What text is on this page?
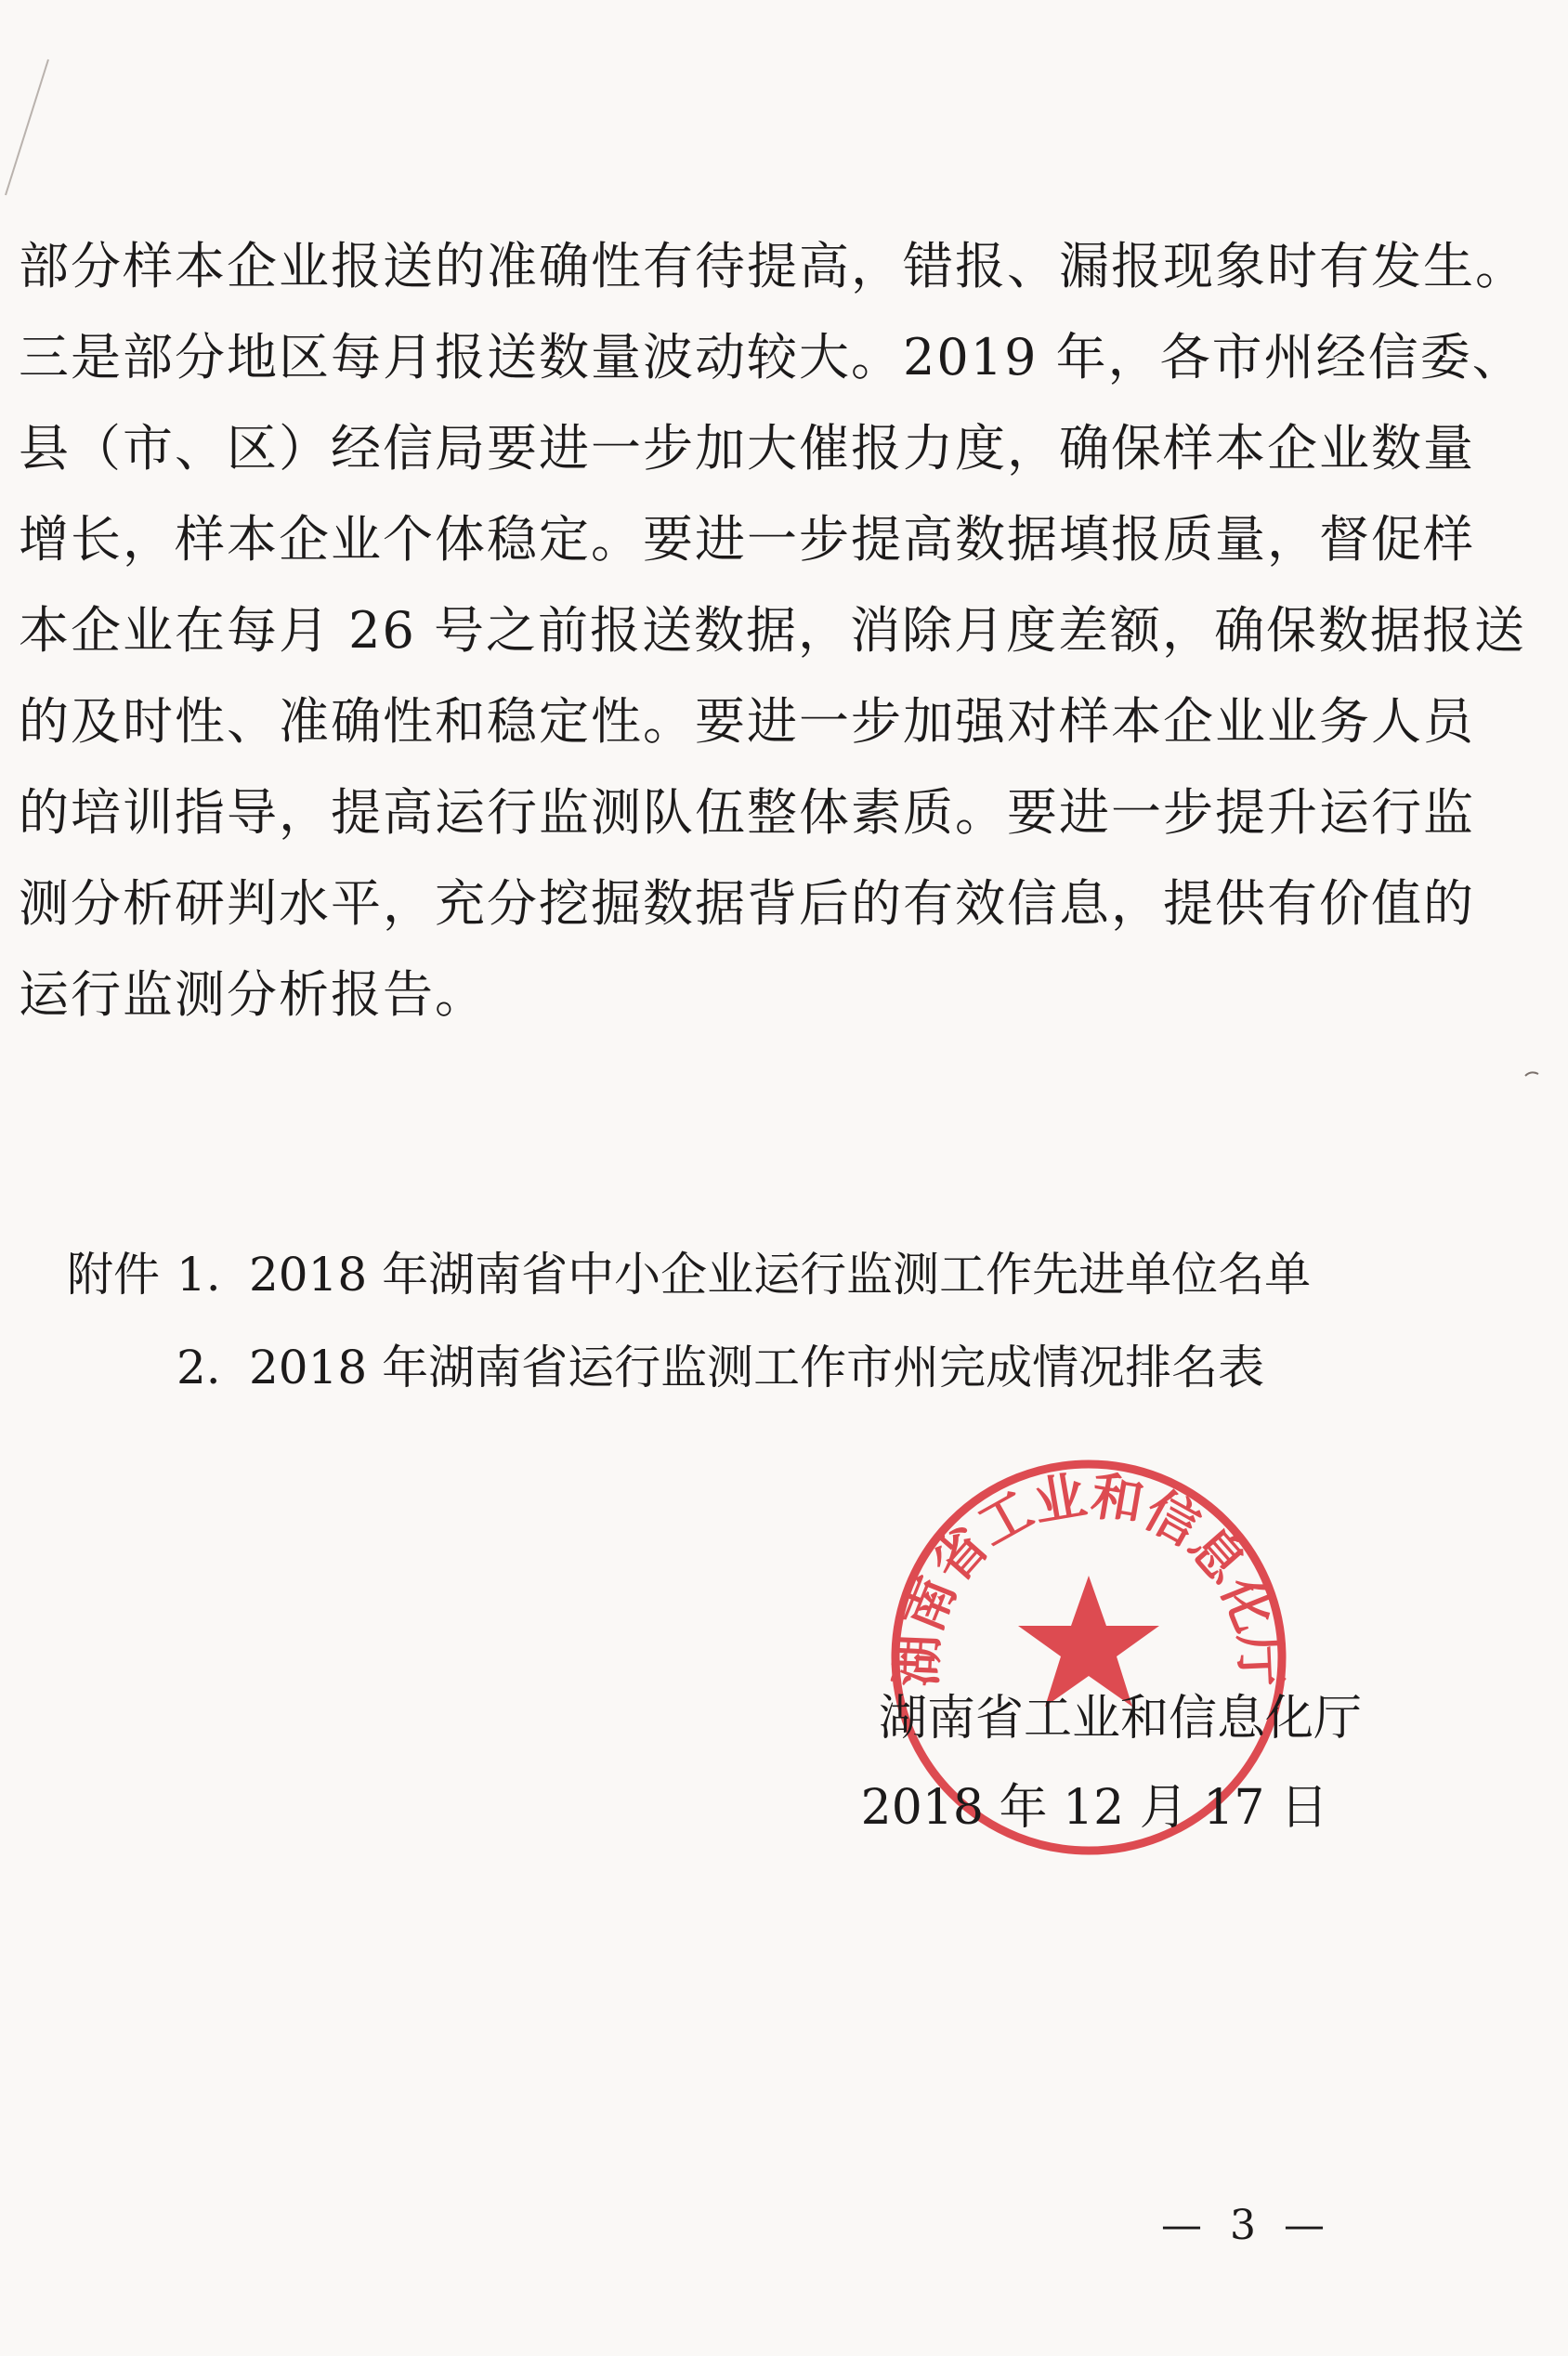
部分样本企业报送的准确性有待提高，错报、漏报现象时有发生。
三是部分地区每月报送数量波动较大。2019 年，各市州经信委、
县（市、区）经信局要进一步加大催报力度，确保样本企业数量
增长，样本企业个体稳定。要进一步提高数据填报质量，督促样
本企业在每月 26 号之前报送数据，消除月度差额，确保数据报送
的及时性、准确性和稳定性。要进一步加强对样本企业业务人员
的培训指导，提高运行监测队伍整体素质。要进一步提升运行监
测分析研判水平，充分挖掘数据背后的有效信息，提供有价值的
运行监测分析报告。
附件 1. 2018 年湖南省中小企业运行监测工作先进单位名单
2. 2018 年湖南省运行监测工作市州完成情况排名表
湖南省工业和信息化厅
湖南省工业和信息化厅
2018 年 12 月 17 日
— 3 —
